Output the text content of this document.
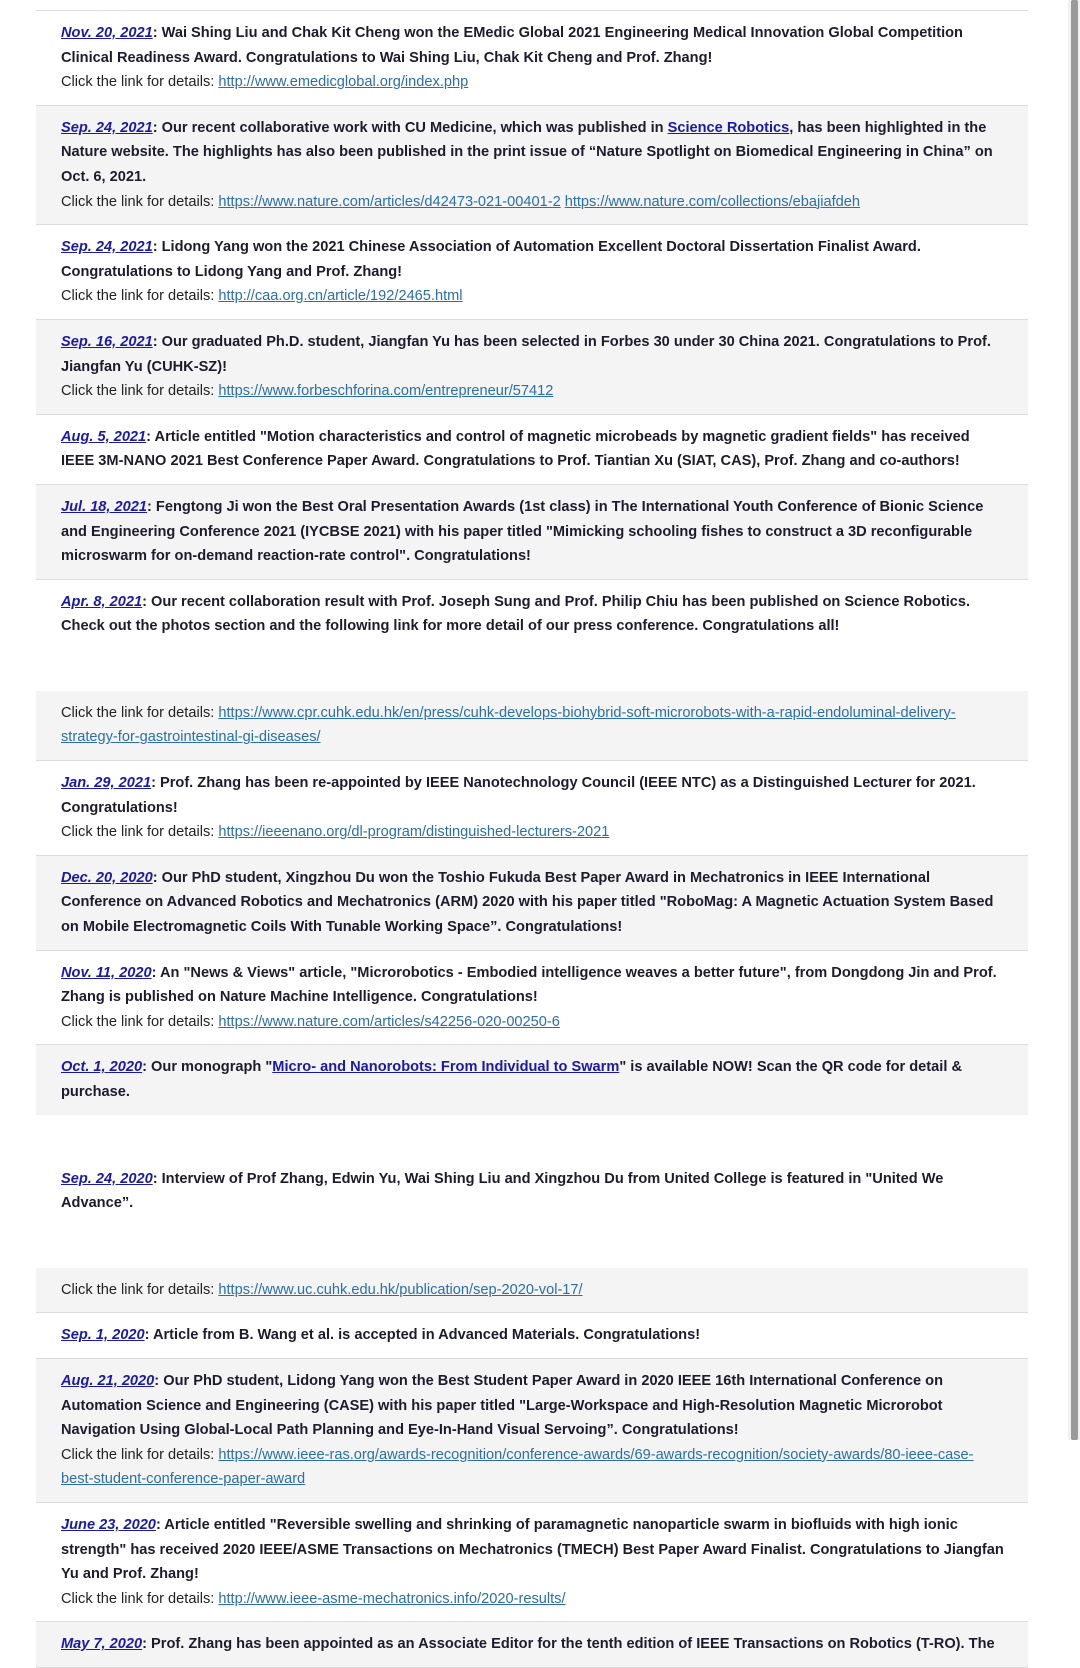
Nov. 20, 2021: Wai Shing Liu and Chak Kit Cheng won the EMedic Global 2021 Engineering Medical Innovation Global Competition Clinical Readiness Award. Congratulations to Wai Shing Liu, Chak Kit Cheng and Prof. Zhang!
Click the link for details: http://www.emedicglobal.org/index.php
Sep. 24, 2021: Our recent collaborative work with CU Medicine, which was published in Science Robotics, has been highlighted in the Nature website. The highlights has also been published in the print issue of “Nature Spotlight on Biomedical Engineering in China” on Oct. 6, 2021.
Click the link for details: https://www.nature.com/articles/d42473-021-00401-2 https://www.nature.com/collections/ebajiafdeh
Sep. 24, 2021: Lidong Yang won the 2021 Chinese Association of Automation Excellent Doctoral Dissertation Finalist Award. Congratulations to Lidong Yang and Prof. Zhang!
Click the link for details: http://caa.org.cn/article/192/2465.html
Sep. 16, 2021: Our graduated Ph.D. student, Jiangfan Yu has been selected in Forbes 30 under 30 China 2021. Congratulations to Prof. Jiangfan Yu (CUHK-SZ)!
Click the link for details: https://www.forbeschforina.com/entrepreneur/57412
Aug. 5, 2021: Article entitled "Motion characteristics and control of magnetic microbeads by magnetic gradient fields" has received IEEE 3M-NANO 2021 Best Conference Paper Award. Congratulations to Prof. Tiantian Xu (SIAT, CAS), Prof. Zhang and co-authors!
Jul. 18, 2021: Fengtong Ji won the Best Oral Presentation Awards (1st class) in The International Youth Conference of Bionic Science and Engineering Conference 2021 (IYCBSE 2021) with his paper titled "Mimicking schooling fishes to construct a 3D reconfigurable microswarm for on-demand reaction-rate control". Congratulations!
Apr. 8, 2021: Our recent collaboration result with Prof. Joseph Sung and Prof. Philip Chiu has been published on Science Robotics. Check out the photos section and the following link for more detail of our press conference. Congratulations all!
Click the link for details: https://www.cpr.cuhk.edu.hk/en/press/cuhk-develops-biohybrid-soft-microrobots-with-a-rapid-endoluminal-delivery-strategy-for-gastrointestinal-gi-diseases/
Jan. 29, 2021: Prof. Zhang has been re-appointed by IEEE Nanotechnology Council (IEEE NTC) as a Distinguished Lecturer for 2021. Congratulations!
Click the link for details: https://ieeenano.org/dl-program/distinguished-lecturers-2021
Dec. 20, 2020: Our PhD student, Xingzhou Du won the Toshio Fukuda Best Paper Award in Mechatronics in IEEE International Conference on Advanced Robotics and Mechatronics (ARM) 2020 with his paper titled "RoboMag: A Magnetic Actuation System Based on Mobile Electromagnetic Coils With Tunable Working Space”. Congratulations!
Nov. 11, 2020: An "News & Views" article, "Microrobotics - Embodied intelligence weaves a better future", from Dongdong Jin and Prof. Zhang is published on Nature Machine Intelligence. Congratulations!
Click the link for details: https://www.nature.com/articles/s42256-020-00250-6
Oct. 1, 2020: Our monograph "Micro- and Nanorobots: From Individual to Swarm" is available NOW! Scan the QR code for detail & purchase.
Sep. 24, 2020: Interview of Prof Zhang, Edwin Yu, Wai Shing Liu and Xingzhou Du from United College is featured in "United We Advance”.
Click the link for details: https://www.uc.cuhk.edu.hk/publication/sep-2020-vol-17/
Sep. 1, 2020: Article from B. Wang et al. is accepted in Advanced Materials. Congratulations!
Aug. 21, 2020: Our PhD student, Lidong Yang won the Best Student Paper Award in 2020 IEEE 16th International Conference on Automation Science and Engineering (CASE) with his paper titled "Large-Workspace and High-Resolution Magnetic Microrobot Navigation Using Global-Local Path Planning and Eye-In-Hand Visual Servoing”. Congratulations!
Click the link for details: https://www.ieee-ras.org/awards-recognition/conference-awards/69-awards-recognition/society-awards/80-ieee-case-best-student-conference-paper-award
June 23, 2020: Article entitled "Reversible swelling and shrinking of paramagnetic nanoparticle swarm in biofluids with high ionic strength" has received 2020 IEEE/ASME Transactions on Mechatronics (TMECH) Best Paper Award Finalist. Congratulations to Jiangfan Yu and Prof. Zhang!
Click the link for details: http://www.ieee-asme-mechatronics.info/2020-results/
May 7, 2020: Prof. Zhang has been appointed as an Associate Editor for the tenth edition of IEEE Transactions on Robotics (T-RO). The
